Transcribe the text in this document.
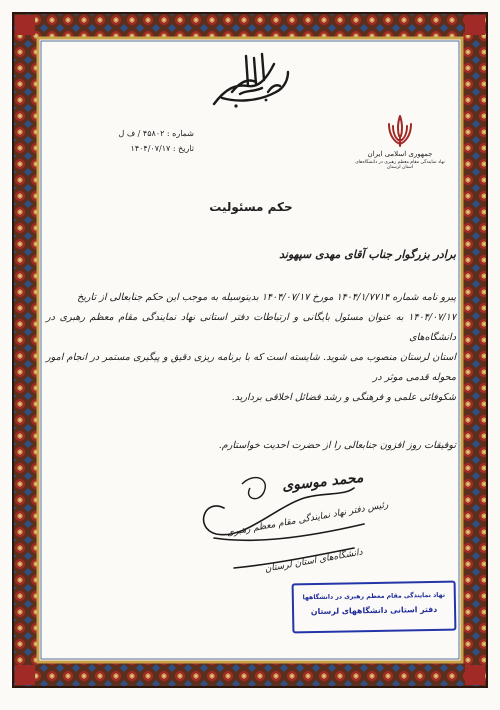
شماره : ۴۵۸۰۲ / ف ل
تاریخ : ۱۴۰۴/۰۷/۱۷
جمهوری اسلامی ایران
نهاد نمایندگی مقام معظم رهبری در دانشگاه‌های استان لرستان
حکم مسئولیت
برادر بزرگوار جناب آقای مهدی سپهوند

پیرو نامه شماره ۱۴۰۴/۱/۷۷۱۴ مورخ ۱۴۰۴/۰۷/۱۷ بدینوسیله به موجب این حکم جنابعالی از تاریخ

۱۴۰۴/۰۷/۱۷ به عنوان مسئول بایگانی و ارتباطات دفتر استانی نهاد نمایندگی مقام معظم رهبری در دانشگاه‌های

استان لرستان منصوب می شوید. شایسته است که با برنامه ریزی دقیق و پیگیری مستمر در انجام امور محوله قدمی موثر در

شکوفائی علمی و فرهنگی و رشد فضائل اخلاقی بردارید.

توفیقات روز افزون جنابعالی را از حضرت احدیت خواستارم.
محمد موسوی
رئیس دفتر نهاد نمایندگی مقام معظم رهبری
دانشگاه‌های استان لرستان
نهاد نمایندگی مقام معظم رهبری در دانشگاهها
دفتر استانی دانشگاههای لرستان
